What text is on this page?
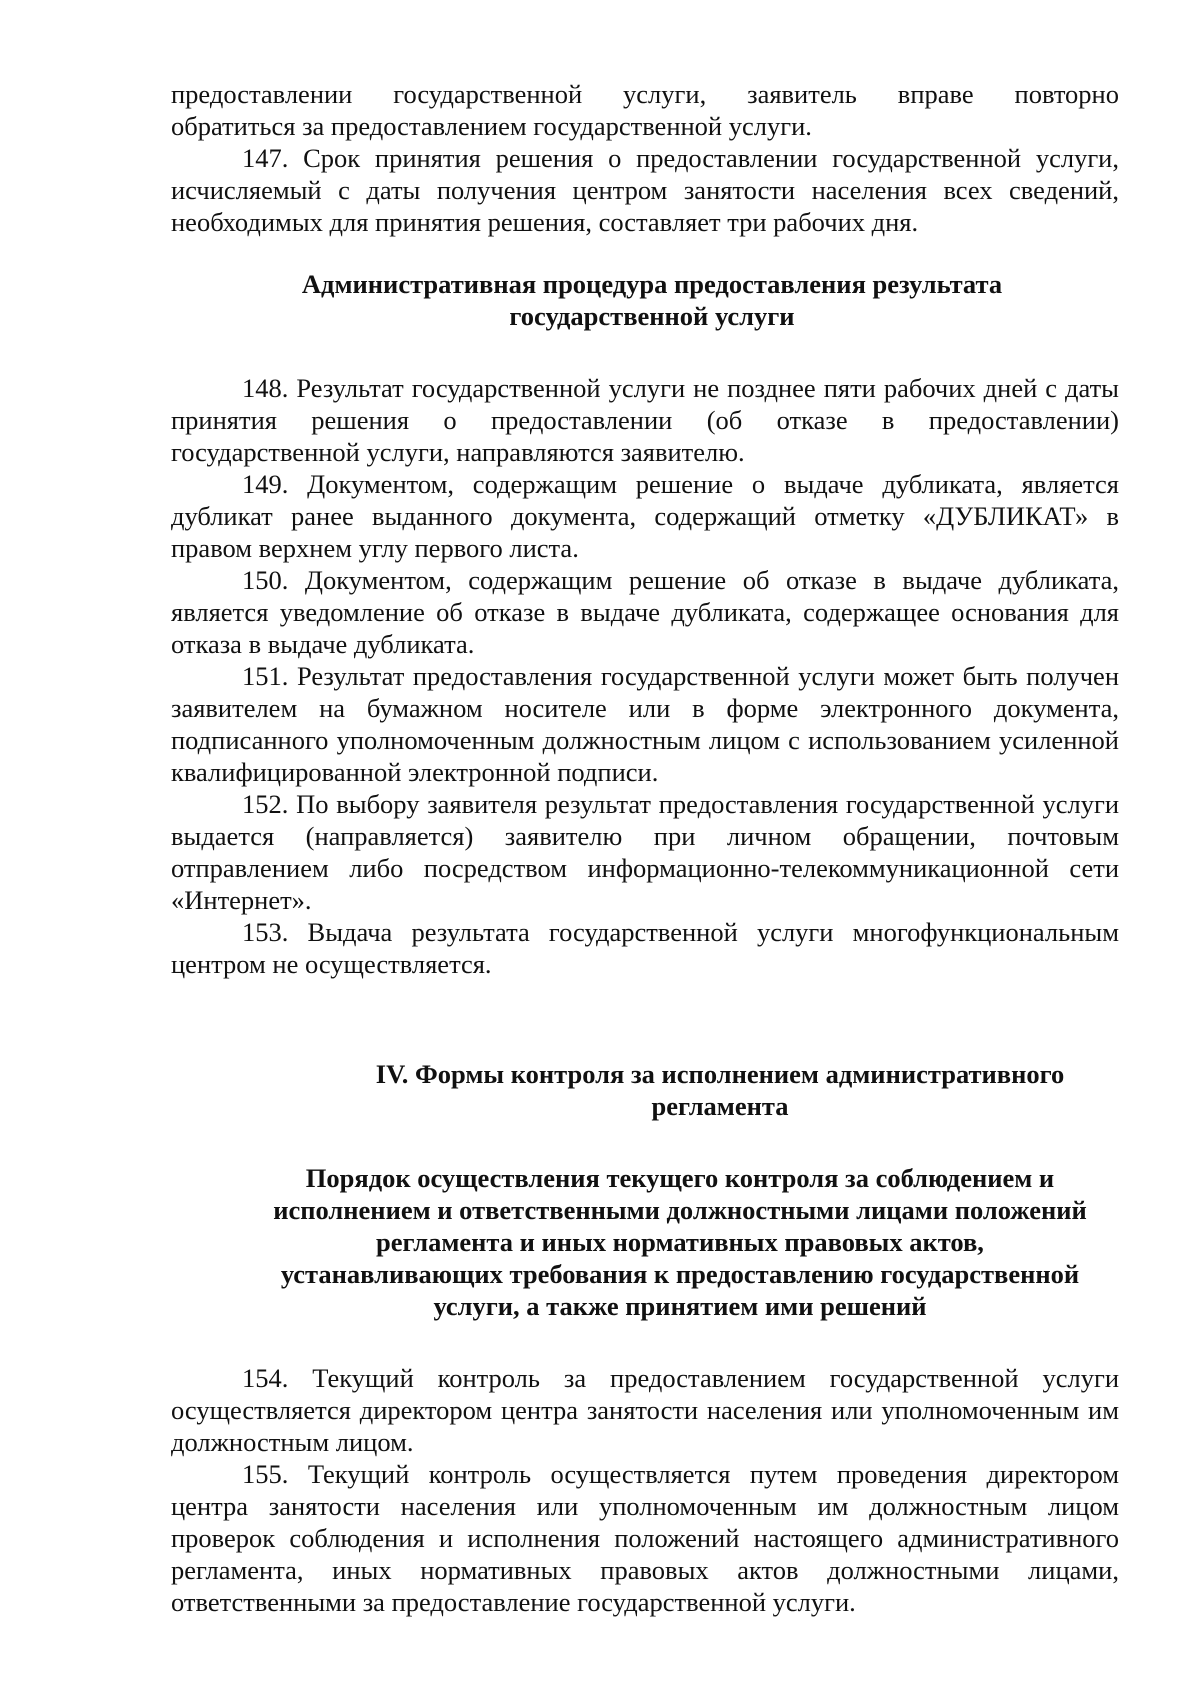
предоставлении государственной услуги, заявитель вправе повторно
обратиться за предоставлением государственной услуги.

147. Срок принятия решения о предоставлении государственной услуги, исчисляемый с даты получения центром занятости населения всех сведений, необходимых для принятия решения, составляет три рабочих дня.

Административная процедура предоставления результата
государственной услуги

148. Результат государственной услуги не позднее пяти рабочих дней с даты принятия решения о предоставлении (об отказе в предоставлении) государственной услуги, направляются заявителю.

149. Документом, содержащим решение о выдаче дубликата, является дубликат ранее выданного документа, содержащий отметку «ДУБЛИКАТ» в правом верхнем углу первого листа.

150. Документом, содержащим решение об отказе в выдаче дубликата, является уведомление об отказе в выдаче дубликата, содержащее основания для отказа в выдаче дубликата.

151. Результат предоставления государственной услуги может быть получен заявителем на бумажном носителе или в форме электронного документа, подписанного уполномоченным должностным лицом с использованием усиленной квалифицированной электронной подписи.

152. По выбору заявителя результат предоставления государственной услуги выдается (направляется) заявителю при личном обращении, почтовым отправлением либо посредством информационно-телекоммуникационной сети «Интернет».

153. Выдача результата государственной услуги многофункциональным центром не осуществляется.

IV. Формы контроля за исполнением административного
регламента
Порядок осуществления текущего контроля за соблюдением и
исполнением и ответственными должностными лицами положений
регламента и иных нормативных правовых актов,
устанавливающих требования к предоставлению государственной
услуги, а также принятием ими решений

154. Текущий контроль за предоставлением государственной услуги осуществляется директором центра занятости населения или уполномоченным им должностным лицом.

155. Текущий контроль осуществляется путем проведения директором центра занятости населения или уполномоченным им должностным лицом проверок соблюдения и исполнения положений настоящего административного регламента, иных нормативных правовых актов должностными лицами, ответственными за предоставление государственной услуги.
